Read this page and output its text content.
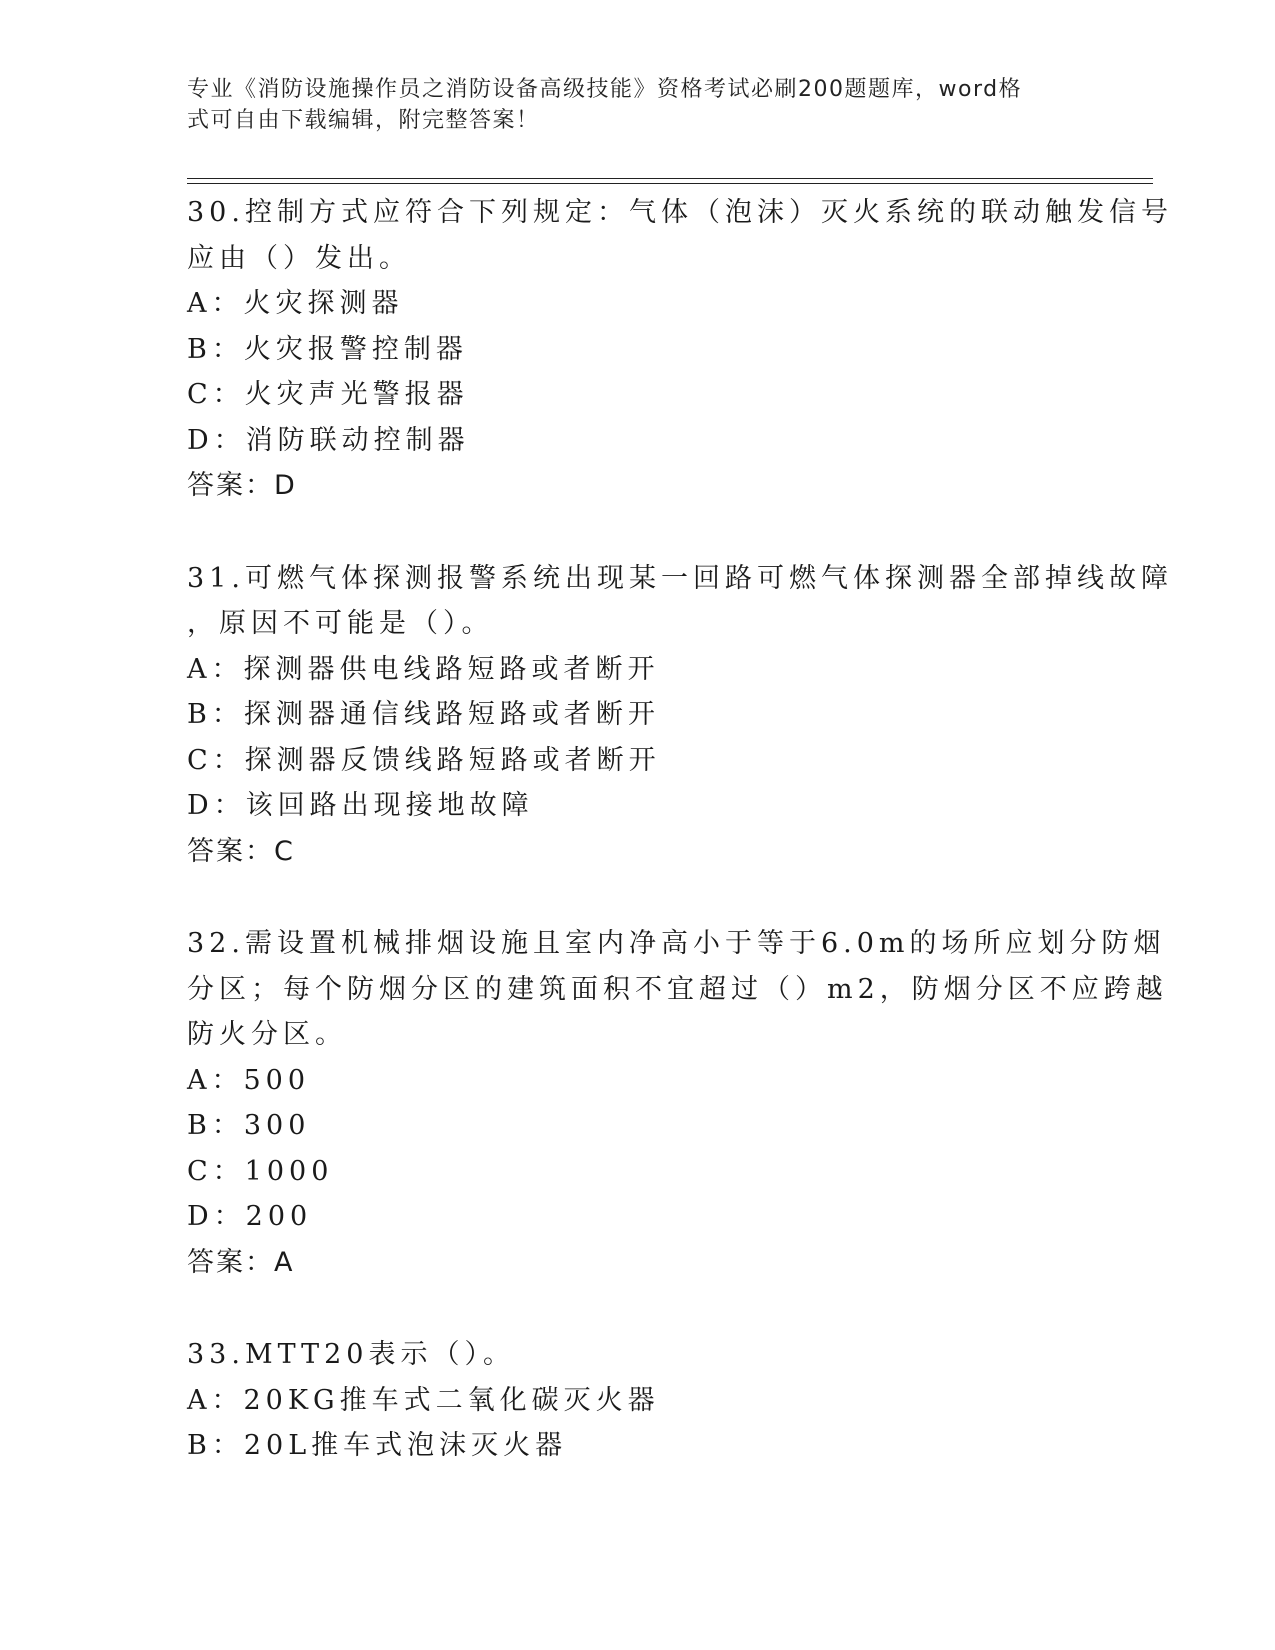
专业《消防设施操作员之消防设备高级技能》资格考试必刷200题题库，word格
式可自由下载编辑，附完整答案！
30.控制方式应符合下列规定：气体（泡沫）灭火系统的联动触发信号
应由（）发出。
A：火灾探测器
B：火灾报警控制器
C：火灾声光警报器
D：消防联动控制器
答案：D
31.可燃气体探测报警系统出现某一回路可燃气体探测器全部掉线故障
，原因不可能是（）。
A：探测器供电线路短路或者断开
B：探测器通信线路短路或者断开
C：探测器反馈线路短路或者断开
D：该回路出现接地故障
答案：C
32.需设置机械排烟设施且室内净高小于等于6.0m的场所应划分防烟
分区；每个防烟分区的建筑面积不宜超过（）m2，防烟分区不应跨越
防火分区。
A：500
B：300
C：1000
D：200
答案：A
33.MTT20表示（）。
A：20KG推车式二氧化碳灭火器
B：20L推车式泡沫灭火器
